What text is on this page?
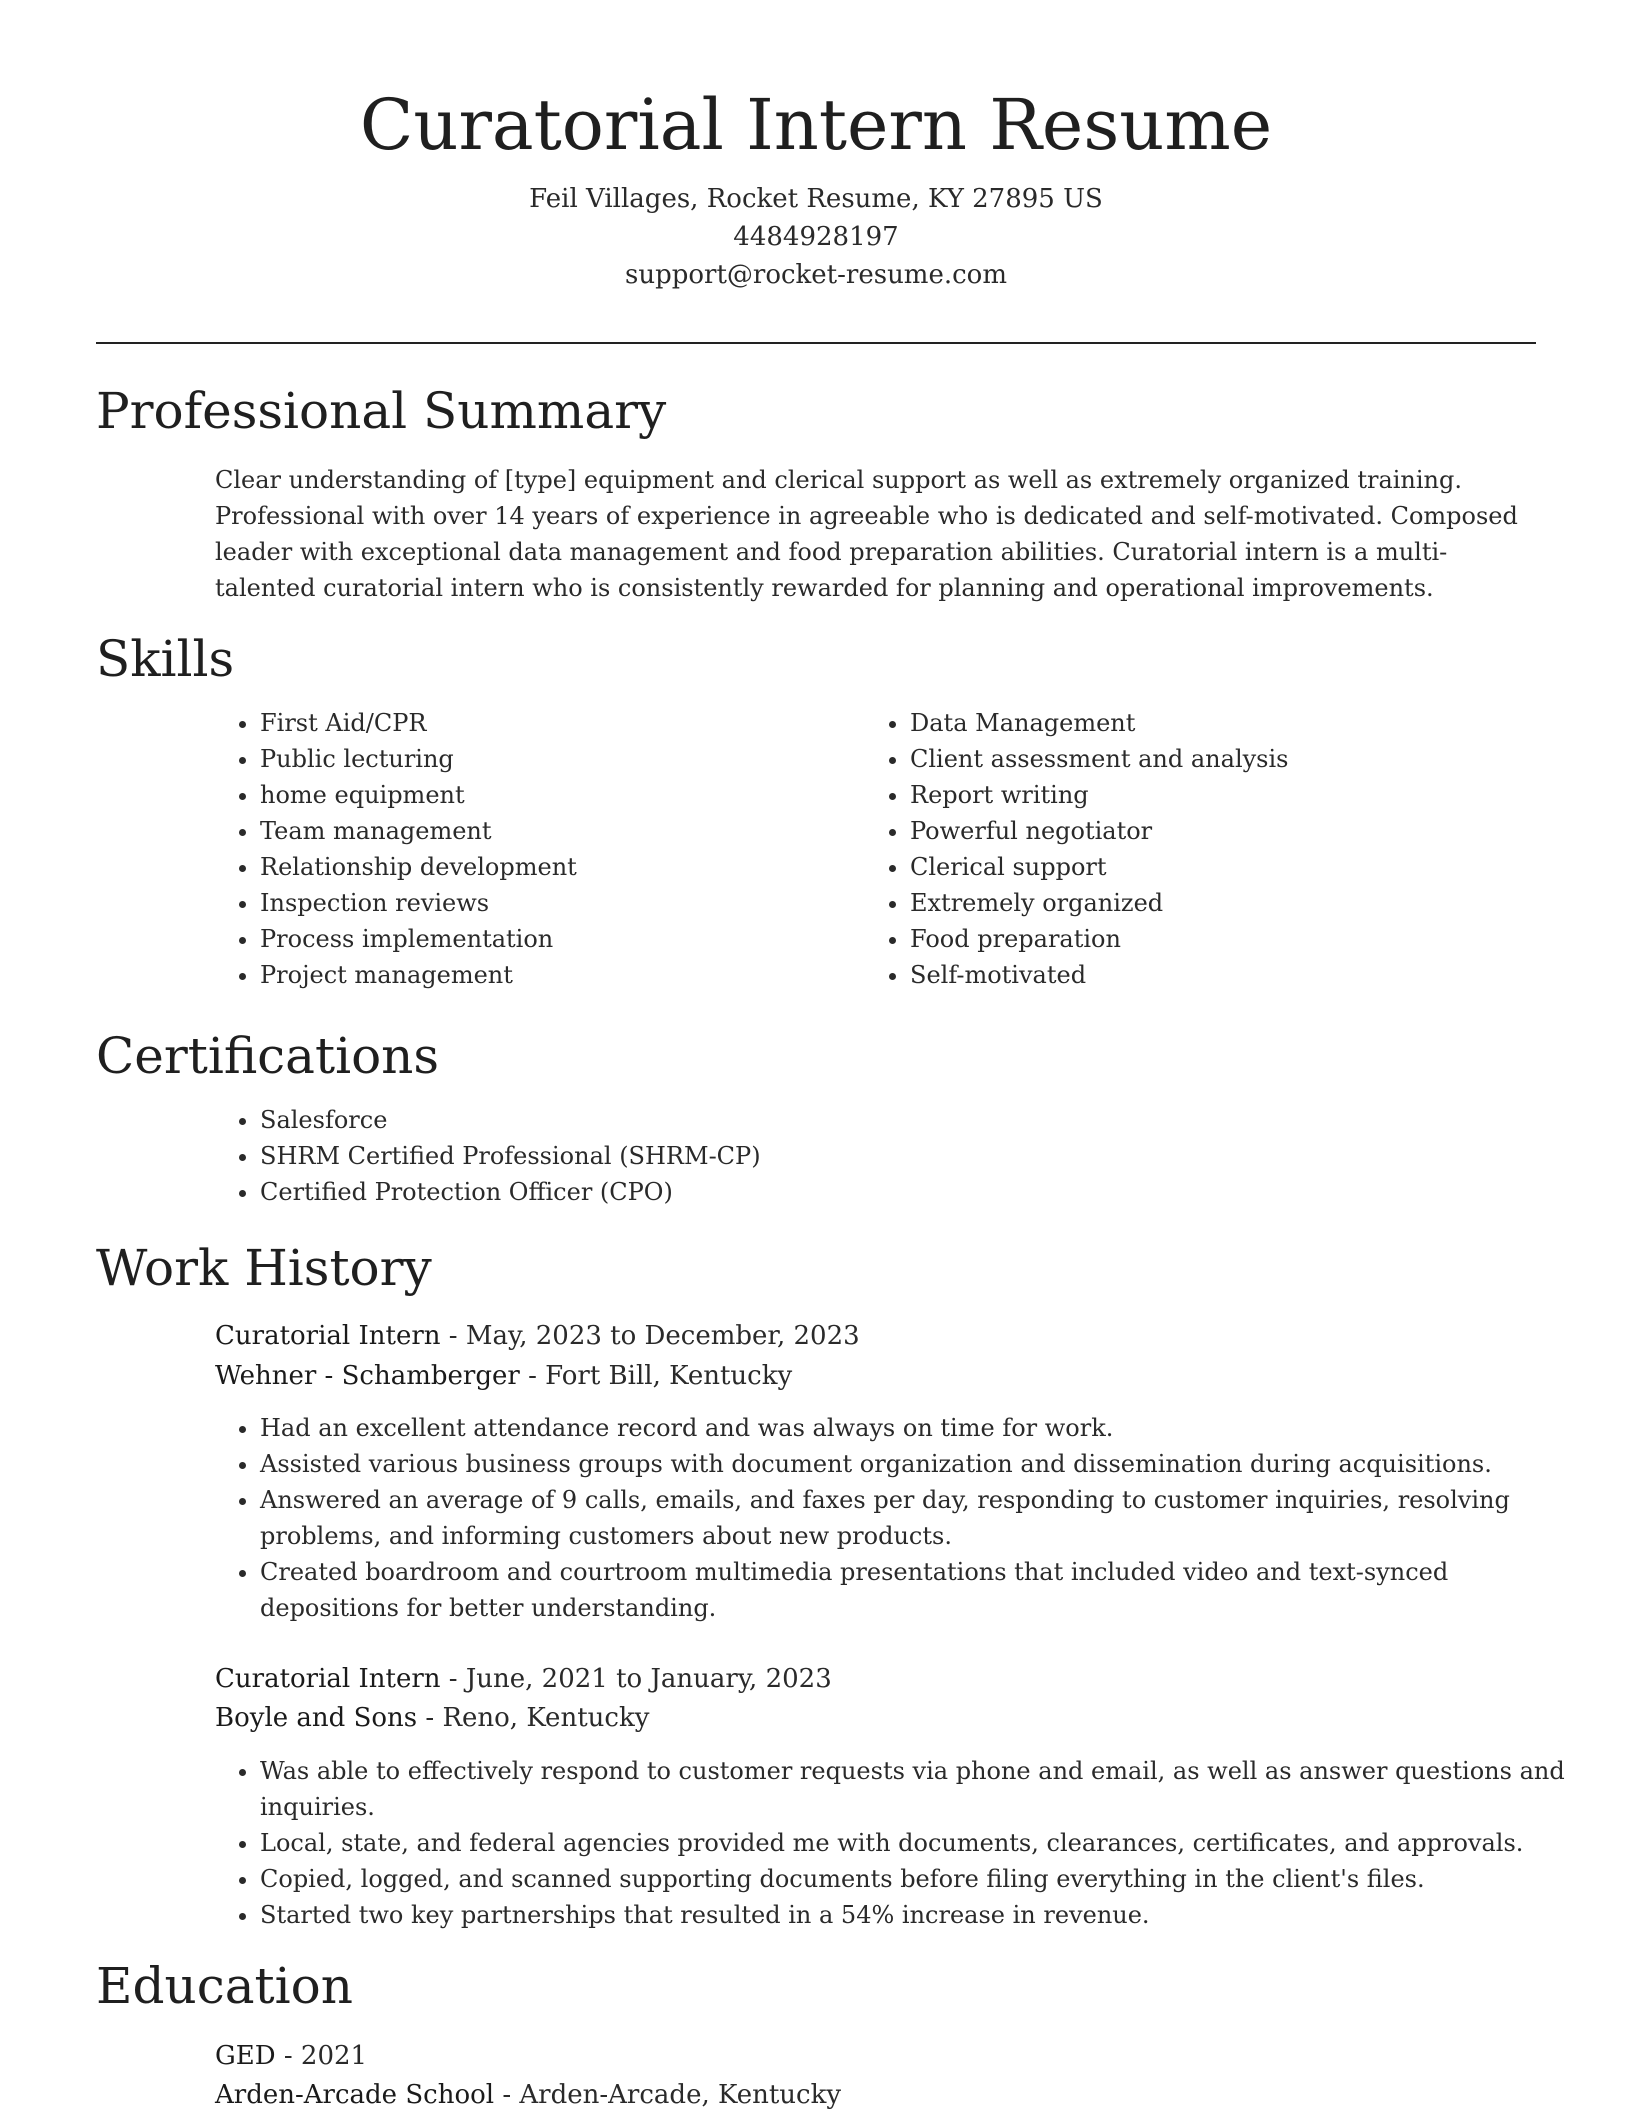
Curatorial Intern Resume
Feil Villages, Rocket Resume, KY 27895 US
4484928197
support@rocket-resume.com
Professional Summary

Clear understanding of [type] equipment and clerical support as well as extremely organized training. Professional with over 14 years of experience in agreeable who is dedicated and self-motivated. Composed leader with exceptional data management and food preparation abilities. Curatorial intern is a multi-talented curatorial intern who is consistently rewarded for planning and operational improvements.

Skills
• First Aid/CPR
• Public lecturing
• home equipment
• Team management
• Relationship development
• Inspection reviews
• Process implementation
• Project management
• Data Management
• Client assessment and analysis
• Report writing
• Powerful negotiator
• Clerical support
• Extremely organized
• Food preparation
• Self-motivated
Certifications
• Salesforce
• SHRM Certified Professional (SHRM-CP)
• Certified Protection Officer (CPO)
Work History
Curatorial Intern - May, 2023 to December, 2023
Wehner - Schamberger - Fort Bill, Kentucky
• Had an excellent attendance record and was always on time for work.
• Assisted various business groups with document organization and dissemination during acquisitions.
• Answered an average of 9 calls, emails, and faxes per day, responding to customer inquiries, resolving problems, and informing customers about new products.
• Created boardroom and courtroom multimedia presentations that included video and text-synced depositions for better understanding.
Curatorial Intern - June, 2021 to January, 2023
Boyle and Sons - Reno, Kentucky
• Was able to effectively respond to customer requests via phone and email, as well as answer questions and inquiries.
• Local, state, and federal agencies provided me with documents, clearances, certificates, and approvals.
• Copied, logged, and scanned supporting documents before filing everything in the client's files.
• Started two key partnerships that resulted in a 54% increase in revenue.
Education
GED - 2021
Arden-Arcade School - Arden-Arcade, Kentucky
